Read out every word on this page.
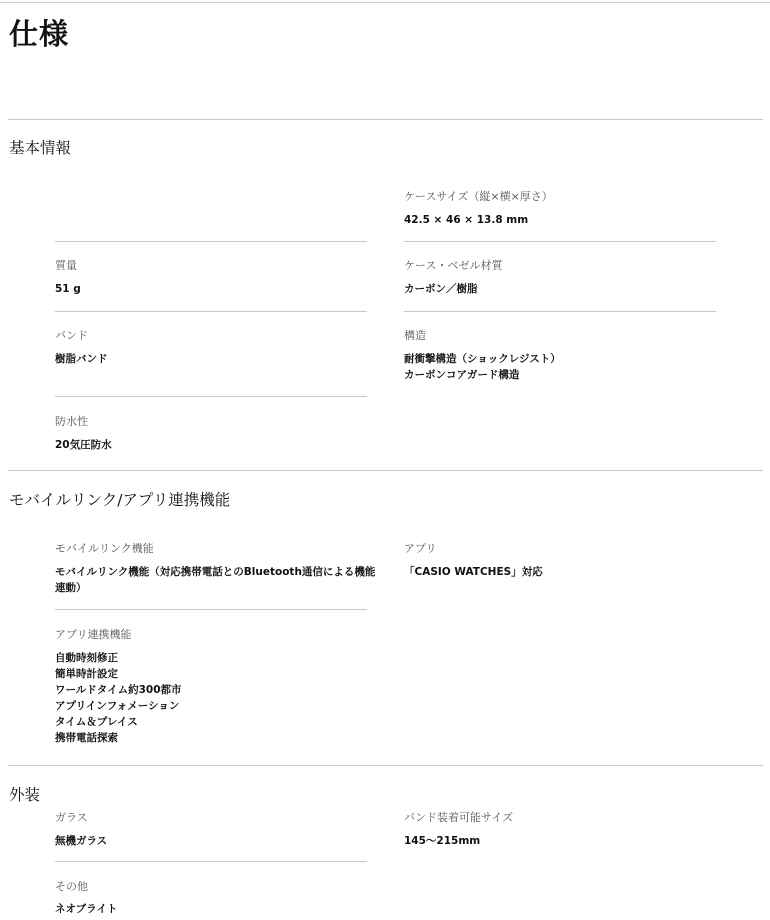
仕様
基本情報
ケースサイズ（縦×横×厚さ）
42.5 × 46 × 13.8 mm
質量
51 g
ケース・ベゼル材質
カーボン／樹脂
バンド
樹脂バンド
構造
耐衝撃構造（ショックレジスト）
カーボンコアガード構造
防水性
20気圧防水
モバイルリンク/アプリ連携機能
モバイルリンク機能
モバイルリンク機能（対応携帯電話とのBluetooth通信による機能
連動）
アプリ
「CASIO WATCHES」対応
アプリ連携機能
自動時刻修正
簡単時計設定
ワールドタイム約300都市
アプリインフォメーション
タイム＆プレイス
携帯電話探索
外装
ガラス
無機ガラス
バンド装着可能サイズ
145〜215mm
その他
ネオブライト
